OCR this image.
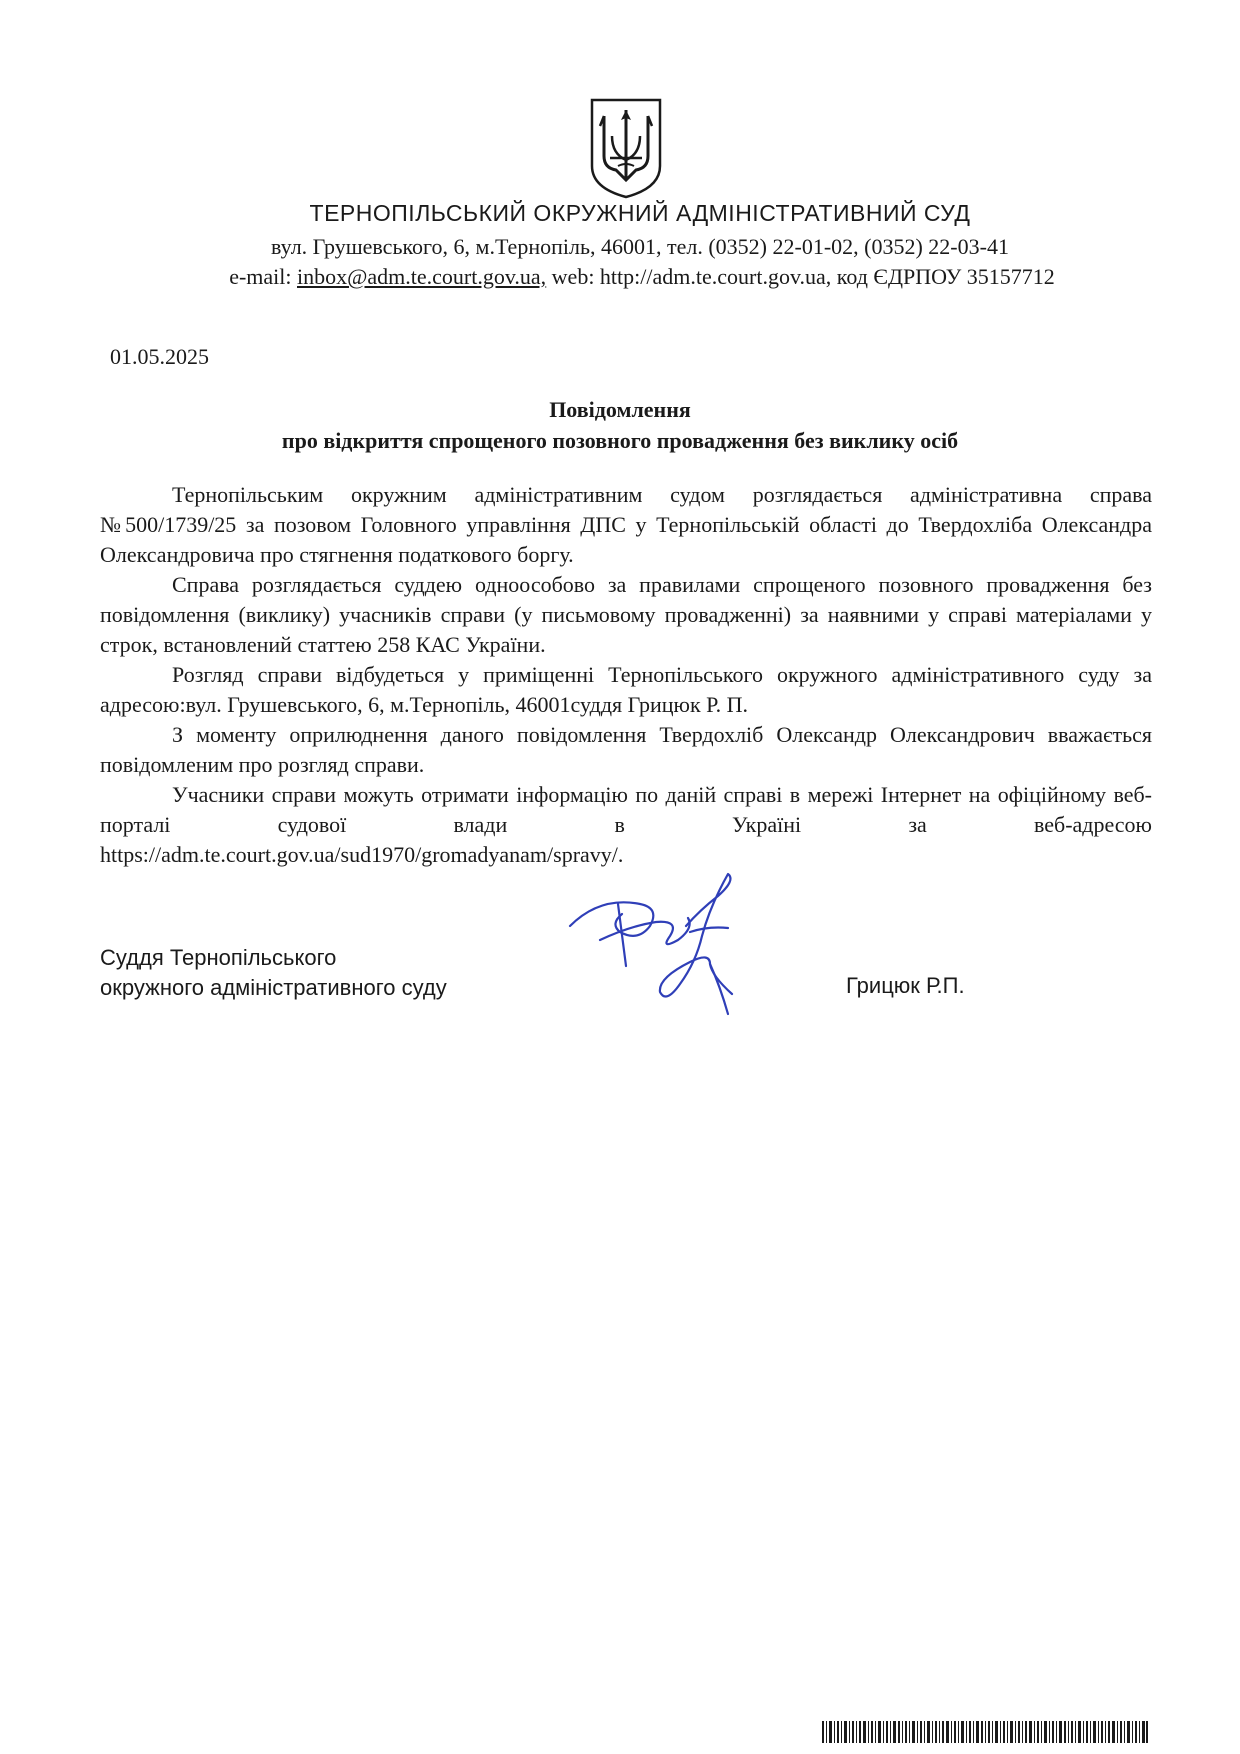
ТЕРНОПІЛЬСЬКИЙ ОКРУЖНИЙ АДМІНІСТРАТИВНИЙ СУД
вул. Грушевського, 6, м.Тернопіль, 46001, тел. (0352) 22-01-02, (0352) 22-03-41
e-mail: inbox@adm.te.court.gov.ua, web: http://adm.te.court.gov.ua, код ЄДРПОУ 35157712
01.05.2025
Повідомлення
про відкриття спрощеного позовного провадження без виклику осіб

Тернопільським окружним адміністративним судом розглядається адміністративна справа №500/1739/25 за позовом Головного управління ДПС у Тернопільській області до Твердохліба Олександра Олександровича про стягнення податкового боргу.

Справа розглядається суддею одноособово за правилами спрощеного позовного провадження без повідомлення (виклику) учасників справи (у письмовому провадженні) за наявними у справі матеріалами у строк, встановлений статтею 258 КАС України.

Розгляд справи відбудеться у приміщенні Тернопільського окружного адміністративного суду за адресою:вул. Грушевського, 6, м.Тернопіль, 46001суддя Грицюк Р. П.

З моменту оприлюднення даного повідомлення Твердохліб Олександр Олександрович вважається повідомленим про розгляд справи.

Учасники справи можуть отримати інформацію по даній справі в мережі Інтернет на офіційному веб-порталі судової влади в Україні за веб-адресою

https://adm.te.court.gov.ua/sud1970/gromadyanam/spravy/.
Суддя Тернопільського
окружного адміністративного суду	Грицюк Р.П.
